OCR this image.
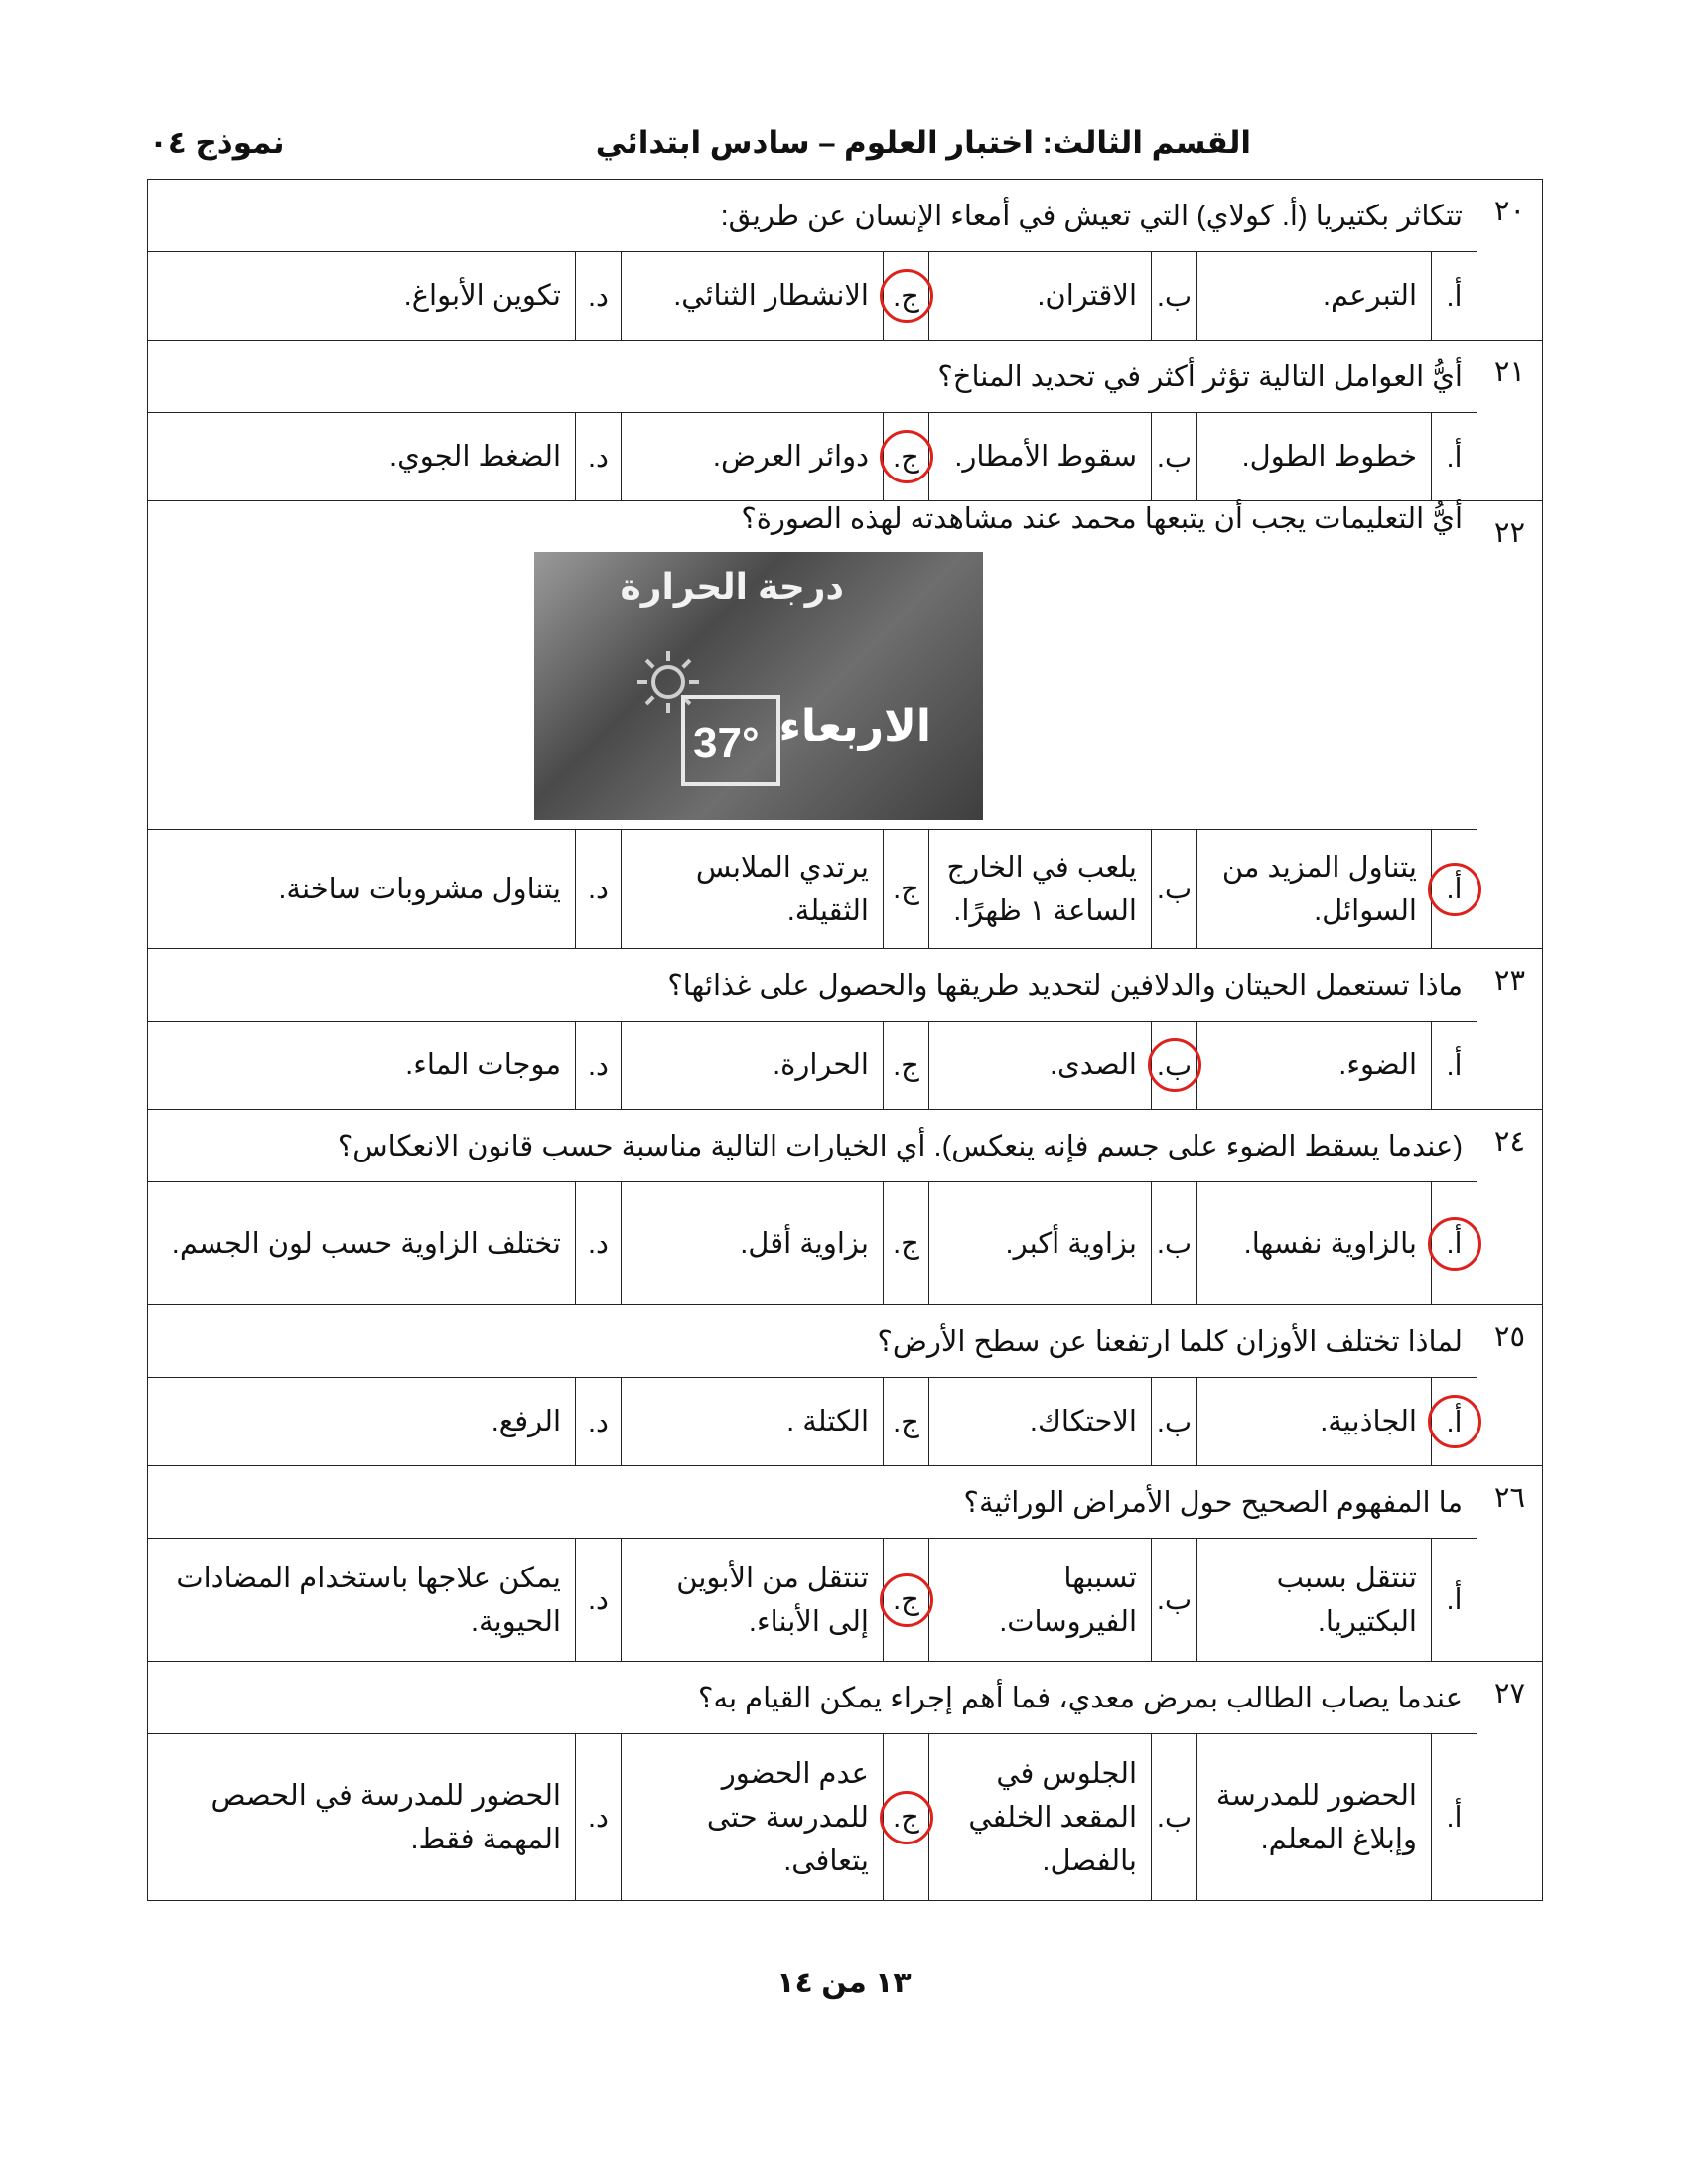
القسم الثالث: اختبار العلوم – سادس ابتدائي
نموذج ٠٤
٢٠	تتكاثر بكتيريا (أ. كولاي) التي تعيش في أمعاء الإنسان عن طريق:							

	أ.	التبرعم.	ب.	الاقتران.	ج.	الانشطار الثنائي.	د.	تكوين الأبواغ.
٢١	أيُّ العوامل التالية تؤثر أكثر في تحديد المناخ؟							

	أ.	خطوط الطول.	ب.	سقوط الأمطار.	ج.	دوائر العرض.	د.	الضغط الجوي.
٢٢	أيُّ التعليمات يجب أن يتبعها محمد عند مشاهدته لهذه الصورة؟
درجة الحرارة
الاربعاء
37°							

	أ.	يتناول المزيد من السوائل.	ب.	يلعب في الخارج الساعة ١ ظهرًا.	ج.	يرتدي الملابس الثقيلة.	د.	يتناول مشروبات ساخنة.
٢٣	ماذا تستعمل الحيتان والدلافين لتحديد طريقها والحصول على غذائها؟							

	أ.	الضوء.	ب.	الصدى.	ج.	الحرارة.	د.	موجات الماء.
٢٤	(عندما يسقط الضوء على جسم فإنه ينعكس). أي الخيارات التالية مناسبة حسب قانون الانعكاس؟							

	أ.	بالزاوية نفسها.	ب.	بزاوية أكبر.	ج.	بزاوية أقل.	د.	تختلف الزاوية حسب لون الجسم.
٢٥	لماذا تختلف الأوزان كلما ارتفعنا عن سطح الأرض؟							

	أ.	الجاذبية.	ب.	الاحتكاك.	ج.	الكتلة .	د.	الرفع.
٢٦	ما المفهوم الصحيح حول الأمراض الوراثية؟							

	أ.	تنتقل بسبب البكتيريا.	ب.	تسببها الفيروسات.	ج.	تنتقل من الأبوين إلى الأبناء.	د.	يمكن علاجها باستخدام المضادات الحيوية.
٢٧	عندما يصاب الطالب بمرض معدي، فما أهم إجراء يمكن القيام به؟							

	أ.	الحضور للمدرسة وإبلاغ المعلم.	ب.	الجلوس في المقعد الخلفي بالفصل.	ج.	عدم الحضور للمدرسة حتى يتعافى.	د.	الحضور للمدرسة في الحصص المهمة فقط.
١٣ من ١٤
